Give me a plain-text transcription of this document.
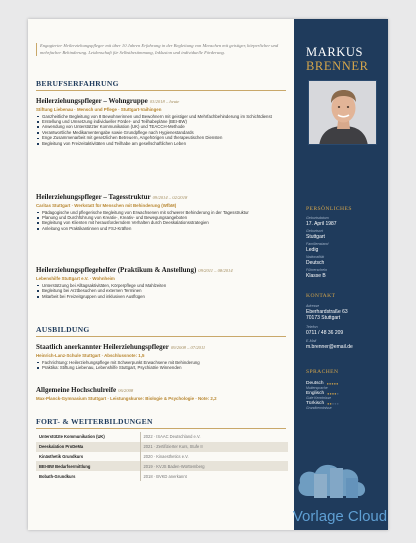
Engagierter Heilerziehungspfleger mit über 10 Jahren Erfahrung in der Begleitung von Menschen mit geistiger, körperlicher und mehrfacher Behinderung. Leidenschaft für Selbstbestimmung, Inklusion und individuelle Förderung.

BERUFSERFAHRUNG
Heilerziehungspfleger – Wohngruppe 03/2018 – heute
Stiftung Liebenau · Mensch und Pflege · Stuttgart-Vaihingen
Ganzheitliche Begleitung von 8 Bewohnerinnen und Bewohnern mit geistiger und Mehrfachbehinderung im Schichtdienst
Erstellung und Umsetzung individueller Förder- und Teilhabepläne (BEI-BW)
Anwendung von Unterstützter Kommunikation (UK) und TEACCH-Methode
Verantwortliche Medikamentengabe sowie Grundpflege nach Hygienestandards
Enge Zusammenarbeit mit gesetzlichen Betreuern, Angehörigen und therapeutischen Diensten
Begleitung von Freizeitaktivitäten und Teilhabe am gesellschaftlichen Leben
Heilerziehungspfleger – Tagesstruktur 09/2014 – 02/2018
Caritas Stuttgart · Werkstatt für Menschen mit Behinderung (WfbM)
Pädagogische und pflegerische Begleitung von Erwachsenen mit schwerer Behinderung in der Tagesstruktur
Planung und Durchführung von Kreativ-, Kreativ- und Bewegungsangeboten
Begleitung von Klienten mit herausforderndem Verhalten durch Deeskalationsstrategien
Anleitung von Praktikantinnen und FSJ-Kräften
Heilerziehungspflegehelfer (Praktikum & Anstellung) 09/2011 – 08/2014
Lebenshilfe Stuttgart e.V. · Wohnheim
Unterstützung bei Alltagsaktivitäten, Körperpflege und Mahlzeiten
Begleitung bei Arztbesuchen und externen Terminen
Mitarbeit bei Freizeitgruppen und inklusiven Ausflügen
AUSBILDUNG
Staatlich anerkannter Heilerziehungspfleger 09/2008 – 07/2011
Heinrich-Lanz-Schule Stuttgart · Abschlussnote: 1,5
Fachrichtung: Heilerziehungspflege mit Schwerpunkt Erwachsene mit Behinderung
Praktika: Stiftung Liebenau, Lebenshilfe Stuttgart, Psychiatrie Winnenden
Allgemeine Hochschulreife 06/2008
Max-Planck-Gymnasium Stuttgart · Leistungskurse: Biologie & Psychologie · Note: 2,2
FORT- & WEITERBILDUNGEN
Unterstützte Kommunikation (UK)	2022 · ISAAC Deutschland e.V.
Deeskalation ProDeMa	2021 · Zertifizierter Kurs, Stufe II
Kinästhetik Grundkurs	2020 · Kinaesthetics e.V.
BEI-BW Bedarfsermittlung	2019 · KVJS Baden-Württemberg
Bobath-Grundkurs	2018 · BVKD anerkannt
MARKUS
BRENNER
PERSÖNLICHES
Geburtsdatum
17. April 1987
Geburtsort
Stuttgart
Familienstand
Ledig
Nationalität
Deutsch
Führerschein
Klasse B
KONTAKT
Adresse
Eberhardstraße 63
70173 Stuttgart
Telefon
0711 / 48 36 209
E-Mail
m.brenner@email.de
SPRACHEN
Deutsch ●●●●●
Muttersprache
Englisch ●●●●●
Gute Kenntnisse
Türkisch ●●●●●
Grundkenntnisse
Vorlage Cloud
